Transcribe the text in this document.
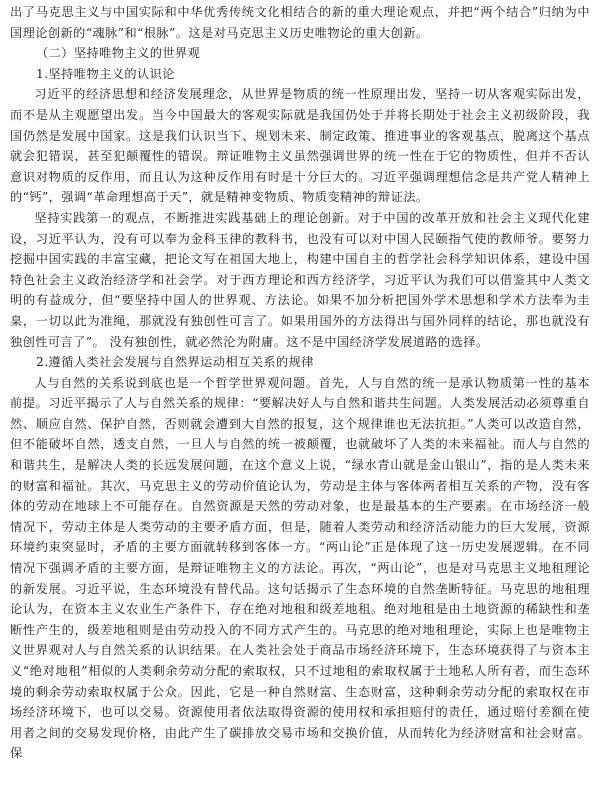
出了马克思主义与中国实际和中华优秀传统文化相结合的新的重大理论观点，并把“两个结合”归纳为中国理论创新的“魂脉”和“根脉”。这是对马克思主义历史唯物论的重大创新。

（二）坚持唯物主义的世界观

1.坚持唯物主义的认识论

习近平的经济思想和经济发展理念，从世界是物质的统一性原理出发，坚持一切从客观实际出发，而不是从主观愿望出发。当今中国最大的客观实际就是我国仍处于并将长期处于社会主义初级阶段，我国仍然是发展中国家。这是我们认识当下、规划未来、制定政策、推进事业的客观基点，脱离这个基点就会犯错误，甚至犯颠覆性的错误。辩证唯物主义虽然强调世界的统一性在于它的物质性，但并不否认意识对物质的反作用，而且认为这种反作用有时是十分巨大的。习近平强调理想信念是共产党人精神上的“钙”，强调“革命理想高于天”，就是精神变物质、物质变精神的辩证法。

坚持实践第一的观点，不断推进实践基础上的理论创新。对于中国的改革开放和社会主义现代化建设，习近平认为，没有可以奉为金科玉律的教科书，也没有可以对中国人民颐指气使的教师爷。要努力挖掘中国实践的丰富宝藏，把论文写在祖国大地上，构建中国自主的哲学社会科学知识体系，建设中国特色社会主义政治经济学和社会学。对于西方理论和西方经济学，习近平认为我们可以借鉴其中人类文明的有益成分，但“要坚持中国人的世界观、方法论。如果不加分析把国外学术思想和学术方法奉为圭臬，一切以此为准绳，那就没有独创性可言了。如果用国外的方法得出与国外同样的结论，那也就没有独创性可言了”。 没有独创性，就必然沦为附庸。这不是中国经济学发展道路的选择。

2.遵循人类社会发展与自然界运动相互关系的规律

人与自然的关系说到底也是一个哲学世界观问题。首先，人与自然的统一是承认物质第一性的基本前提。习近平揭示了人与自然关系的规律：“要解决好人与自然和谐共生问题。人类发展活动必须尊重自然、顺应自然、保护自然，否则就会遭到大自然的报复，这个规律谁也无法抗拒。”人类可以改造自然，但不能破坏自然，透支自然，一旦人与自然的统一被颠覆，也就破坏了人类的未来福祉。而人与自然的和谐共生，是解决人类的长远发展问题，在这个意义上说，“绿水青山就是金山银山”，指的是人类未来的财富和福祉。其次，马克思主义的劳动价值论认为，劳动是主体与客体两者相互关系的产物，没有客体的劳动在地球上不可能存在。自然资源是天然的劳动对象，也是最基本的生产要素。在市场经济一般情况下，劳动主体是人类劳动的主要矛盾方面，但是，随着人类劳动和经济活动能力的巨大发展，资源环境约束突显时，矛盾的主要方面就转移到客体一方。“两山论”正是体现了这一历史发展逻辑。在不同情况下强调矛盾的主要方面，是辩证唯物主义的方法论。再次，“两山论”，也是对马克思主义地租理论的新发展。习近平说，生态环境没有替代品。这句话揭示了生态环境的自然垄断特征。马克思的地租理论认为，在资本主义农业生产条件下，存在绝对地租和级差地租。绝对地租是由土地资源的稀缺性和垄断性产生的，级差地租则是由劳动投入的不同方式产生的。马克思的绝对地租理论，实际上也是唯物主义世界观对人与自然关系的认识结果。在人类社会处于商品市场经济环境下，生态环境获得了与资本主义“绝对地租”相似的人类剩余劳动分配的索取权，只不过地租的索取权属于土地私人所有者，而生态环境的剩余劳动索取权属于公众。因此，它是一种自然财富、生态财富，这种剩余劳动分配的索取权在市场经济环境下，也可以交易。资源使用者依法取得资源的使用权和承担赔付的责任，通过赔付差额在使用者之间的交易发现价格，由此产生了碳排放交易市场和交换价值，从而转化为经济财富和社会财富。保
